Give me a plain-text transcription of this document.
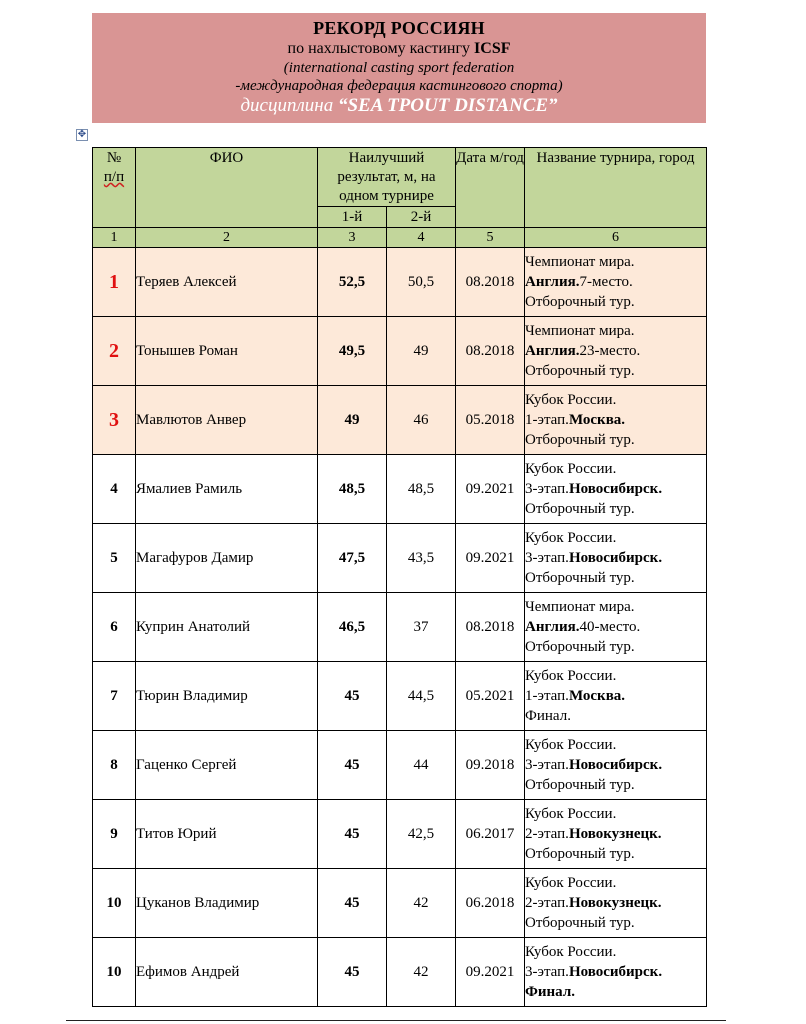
РЕКОРД РОССИЯН
по нахлыстовому кастингу ICSF
(international casting sport federation
-международная федерация кастингового спорта)
дисциплина “SEA TPOUT DISTANCE”
✥
№
п/п	ФИО	Наилучший результат, м, на одном турнире		Дата м/год	Название турнира, город
		1-й	2-й		
1	2	3	4	5	6
1	Теряев Алексей	52,5	50,5	08.2018	Чемпионат мира.
Англия.7-место.
Отборочный тур.

2	Тонышев Роман	49,5	49	08.2018	Чемпионат мира.
Англия.23-место.
Отборочный тур.

3	Мавлютов Анвер	49	46	05.2018	Кубок России.
1-этап.Москва.
Отборочный тур.

4	Ямалиев Рамиль	48,5	48,5	09.2021	Кубок России.
3-этап.Новосибирск.
Отборочный тур.

5	Магафуров Дамир	47,5	43,5	09.2021	Кубок России.
3-этап.Новосибирск.
Отборочный тур.

6	Куприн Анатолий	46,5	37	08.2018	Чемпионат мира.
Англия.40-место.
Отборочный тур.

7	Тюрин Владимир	45	44,5	05.2021	Кубок России.
1-этап.Москва.
Финал.

8	Гаценко Сергей	45	44	09.2018	Кубок России.
3-этап.Новосибирск.
Отборочный тур.

9	Титов Юрий	45	42,5	06.2017	Кубок России.
2-этап.Новокузнецк.
Отборочный тур.

10	Цуканов Владимир	45	42	06.2018	Кубок России.
2-этап.Новокузнецк.
Отборочный тур.

10	Ефимов Андрей	45	42	09.2021	Кубок России.
3-этап.Новосибирск.
Финал.
